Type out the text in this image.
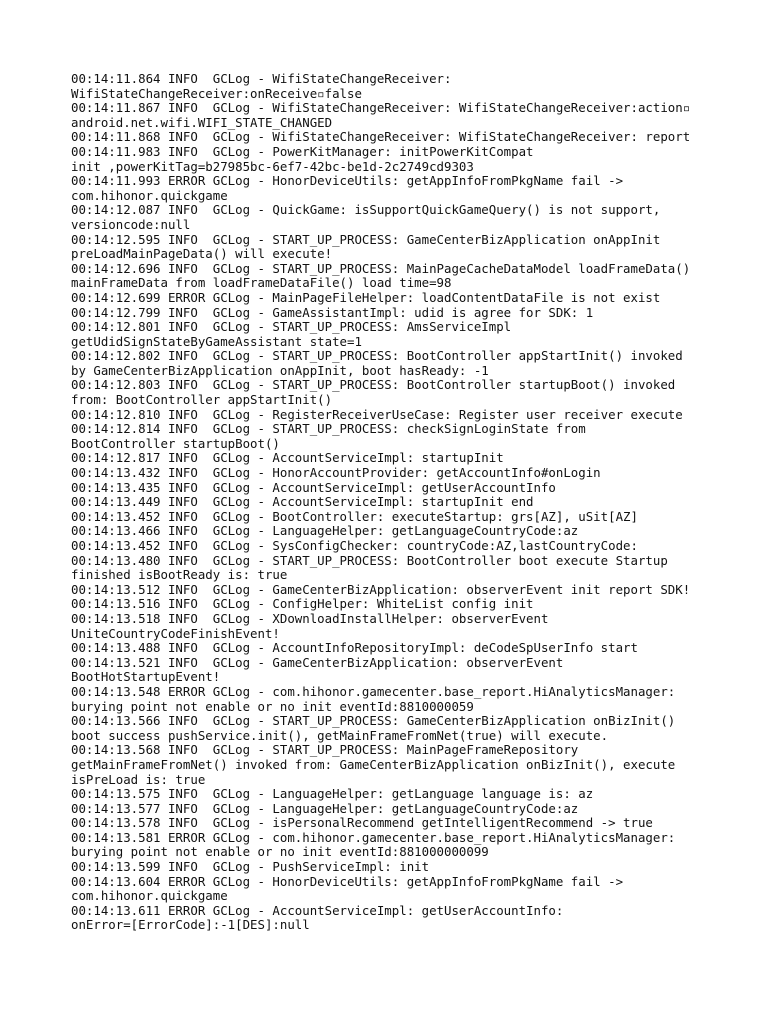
00:14:11.864 INFO  GCLog - WifiStateChangeReceiver:
WifiStateChangeReceiver:onReceive▫false
00:14:11.867 INFO  GCLog - WifiStateChangeReceiver: WifiStateChangeReceiver:action▫
android.net.wifi.WIFI_STATE_CHANGED
00:14:11.868 INFO  GCLog - WifiStateChangeReceiver: WifiStateChangeReceiver: report
00:14:11.983 INFO  GCLog - PowerKitManager: initPowerKitCompat
init ,powerKitTag=b27985bc-6ef7-42bc-be1d-2c2749cd9303
00:14:11.993 ERROR GCLog - HonorDeviceUtils: getAppInfoFromPkgName fail ->
com.hihonor.quickgame
00:14:12.087 INFO  GCLog - QuickGame: isSupportQuickGameQuery() is not support,
versioncode:null
00:14:12.595 INFO  GCLog - START_UP_PROCESS: GameCenterBizApplication onAppInit
preLoadMainPageData() will execute!
00:14:12.696 INFO  GCLog - START_UP_PROCESS: MainPageCacheDataModel loadFrameData()
mainFrameData from loadFrameDataFile() load time=98
00:14:12.699 ERROR GCLog - MainPageFileHelper: loadContentDataFile is not exist
00:14:12.799 INFO  GCLog - GameAssistantImpl: udid is agree for SDK: 1
00:14:12.801 INFO  GCLog - START_UP_PROCESS: AmsServiceImpl
getUdidSignStateByGameAssistant state=1
00:14:12.802 INFO  GCLog - START_UP_PROCESS: BootController appStartInit() invoked
by GameCenterBizApplication onAppInit, boot hasReady: -1
00:14:12.803 INFO  GCLog - START_UP_PROCESS: BootController startupBoot() invoked
from: BootController appStartInit()
00:14:12.810 INFO  GCLog - RegisterReceiverUseCase: Register user receiver execute
00:14:12.814 INFO  GCLog - START_UP_PROCESS: checkSignLoginState from
BootController startupBoot()
00:14:12.817 INFO  GCLog - AccountServiceImpl: startupInit
00:14:13.432 INFO  GCLog - HonorAccountProvider: getAccountInfo#onLogin
00:14:13.435 INFO  GCLog - AccountServiceImpl: getUserAccountInfo
00:14:13.449 INFO  GCLog - AccountServiceImpl: startupInit end
00:14:13.452 INFO  GCLog - BootController: executeStartup: grs[AZ], uSit[AZ]
00:14:13.466 INFO  GCLog - LanguageHelper: getLanguageCountryCode:az
00:14:13.452 INFO  GCLog - SysConfigChecker: countryCode:AZ,lastCountryCode:
00:14:13.480 INFO  GCLog - START_UP_PROCESS: BootController boot execute Startup
finished isBootReady is: true
00:14:13.512 INFO  GCLog - GameCenterBizApplication: observerEvent init report SDK!
00:14:13.516 INFO  GCLog - ConfigHelper: WhiteList config init
00:14:13.518 INFO  GCLog - XDownloadInstallHelper: observerEvent
UniteCountryCodeFinishEvent!
00:14:13.488 INFO  GCLog - AccountInfoRepositoryImpl: deCodeSpUserInfo start
00:14:13.521 INFO  GCLog - GameCenterBizApplication: observerEvent
BootHotStartupEvent!
00:14:13.548 ERROR GCLog - com.hihonor.gamecenter.base_report.HiAnalyticsManager:
burying point not enable or no init eventId:8810000059
00:14:13.566 INFO  GCLog - START_UP_PROCESS: GameCenterBizApplication onBizInit()
boot success pushService.init(), getMainFrameFromNet(true) will execute.
00:14:13.568 INFO  GCLog - START_UP_PROCESS: MainPageFrameRepository
getMainFrameFromNet() invoked from: GameCenterBizApplication onBizInit(), execute
isPreLoad is: true
00:14:13.575 INFO  GCLog - LanguageHelper: getLanguage language is: az
00:14:13.577 INFO  GCLog - LanguageHelper: getLanguageCountryCode:az
00:14:13.578 INFO  GCLog - isPersonalRecommend getIntelligentRecommend -> true
00:14:13.581 ERROR GCLog - com.hihonor.gamecenter.base_report.HiAnalyticsManager:
burying point not enable or no init eventId:881000000099
00:14:13.599 INFO  GCLog - PushServiceImpl: init
00:14:13.604 ERROR GCLog - HonorDeviceUtils: getAppInfoFromPkgName fail ->
com.hihonor.quickgame
00:14:13.611 ERROR GCLog - AccountServiceImpl: getUserAccountInfo:
onError=[ErrorCode]:-1[DES]:null
